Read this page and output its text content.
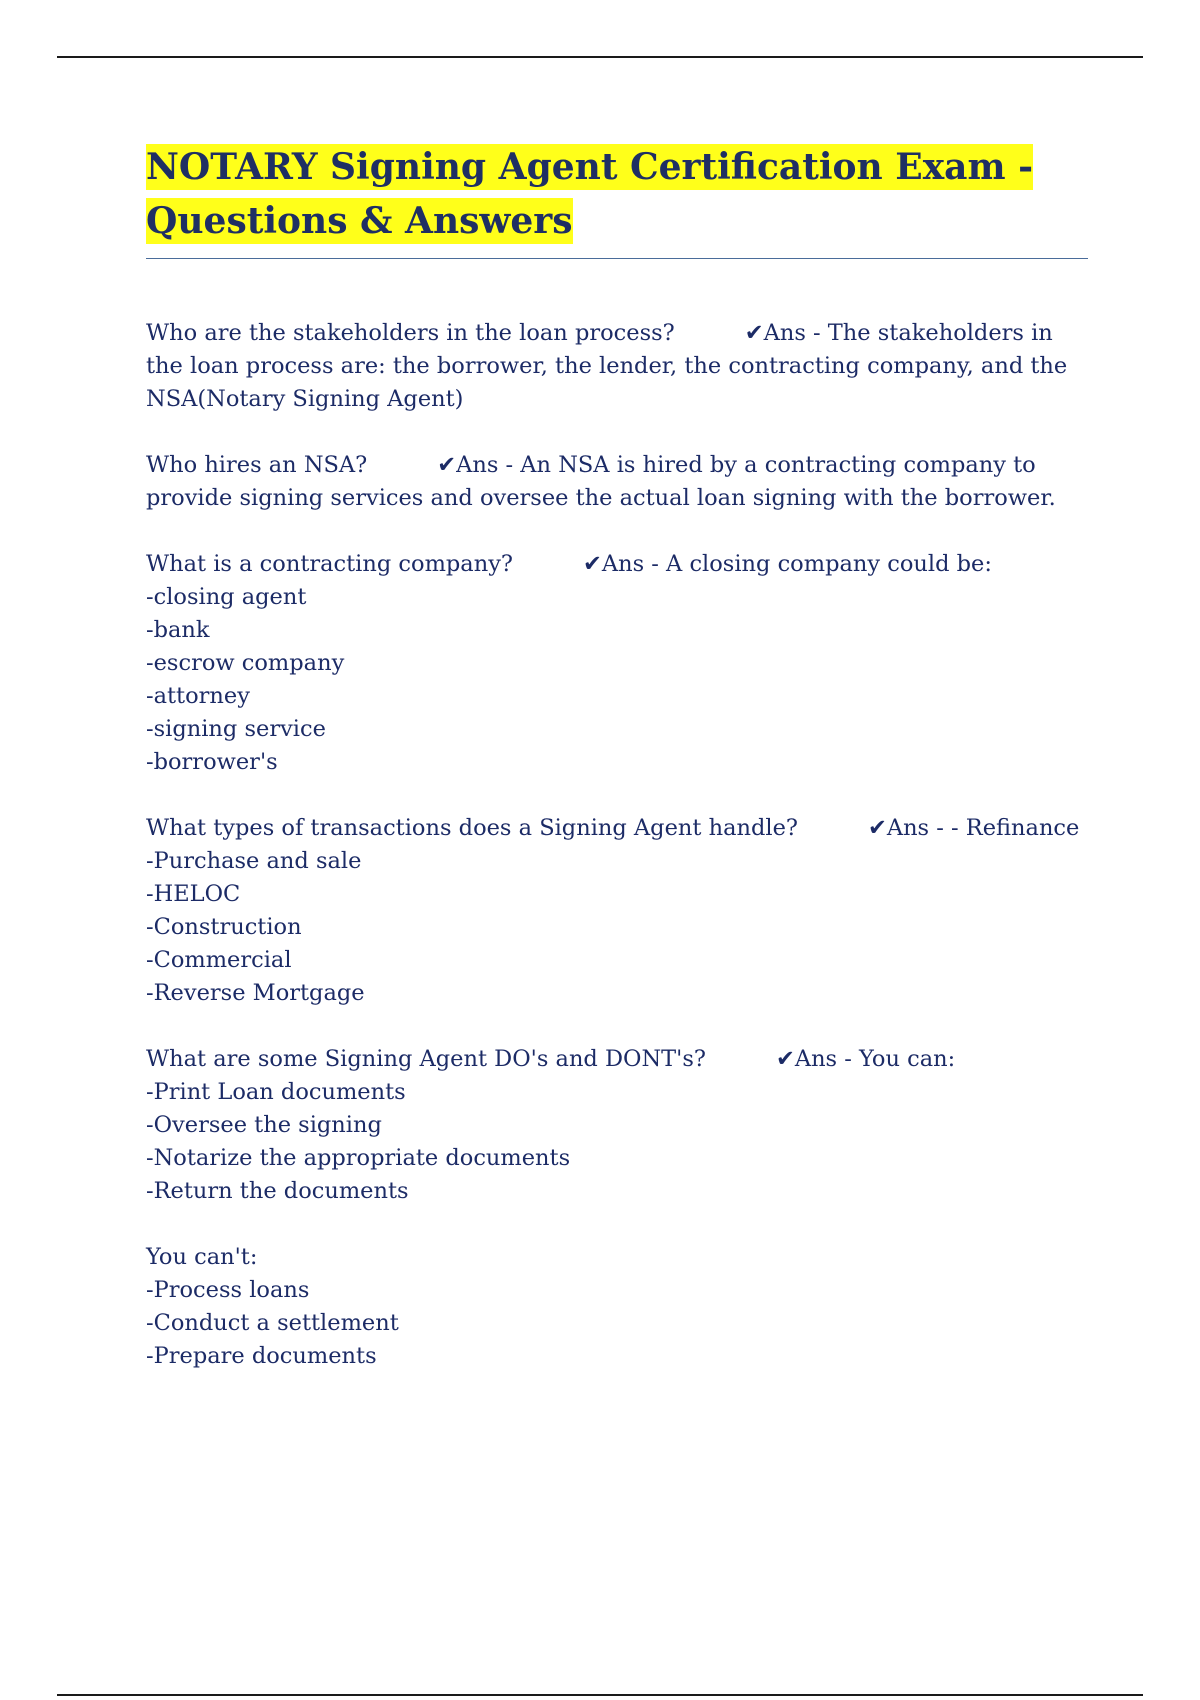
NOTARY Signing Agent Certification Exam -
Questions & Answers
Who are the stakeholders in the loan process?	✔Ans - The stakeholders in the loan process are: the borrower, the lender, the contracting company, and the NSA(Notary Signing Agent)
Who hires an NSA?	✔Ans - An NSA is hired by a contracting company to provide signing services and oversee the actual loan signing with the borrower.
What is a contracting company?	✔Ans - A closing company could be:
-closing agent
-bank
-escrow company
-attorney
-signing service
-borrower's
What types of transactions does a Signing Agent handle?	✔Ans - - Refinance
-Purchase and sale
-HELOC
-Construction
-Commercial
-Reverse Mortgage
What are some Signing Agent DO's and DONT's?	✔Ans - You can:
-Print Loan documents
-Oversee the signing
-Notarize the appropriate documents
-Return the documents
You can't:
-Process loans
-Conduct a settlement
-Prepare documents
